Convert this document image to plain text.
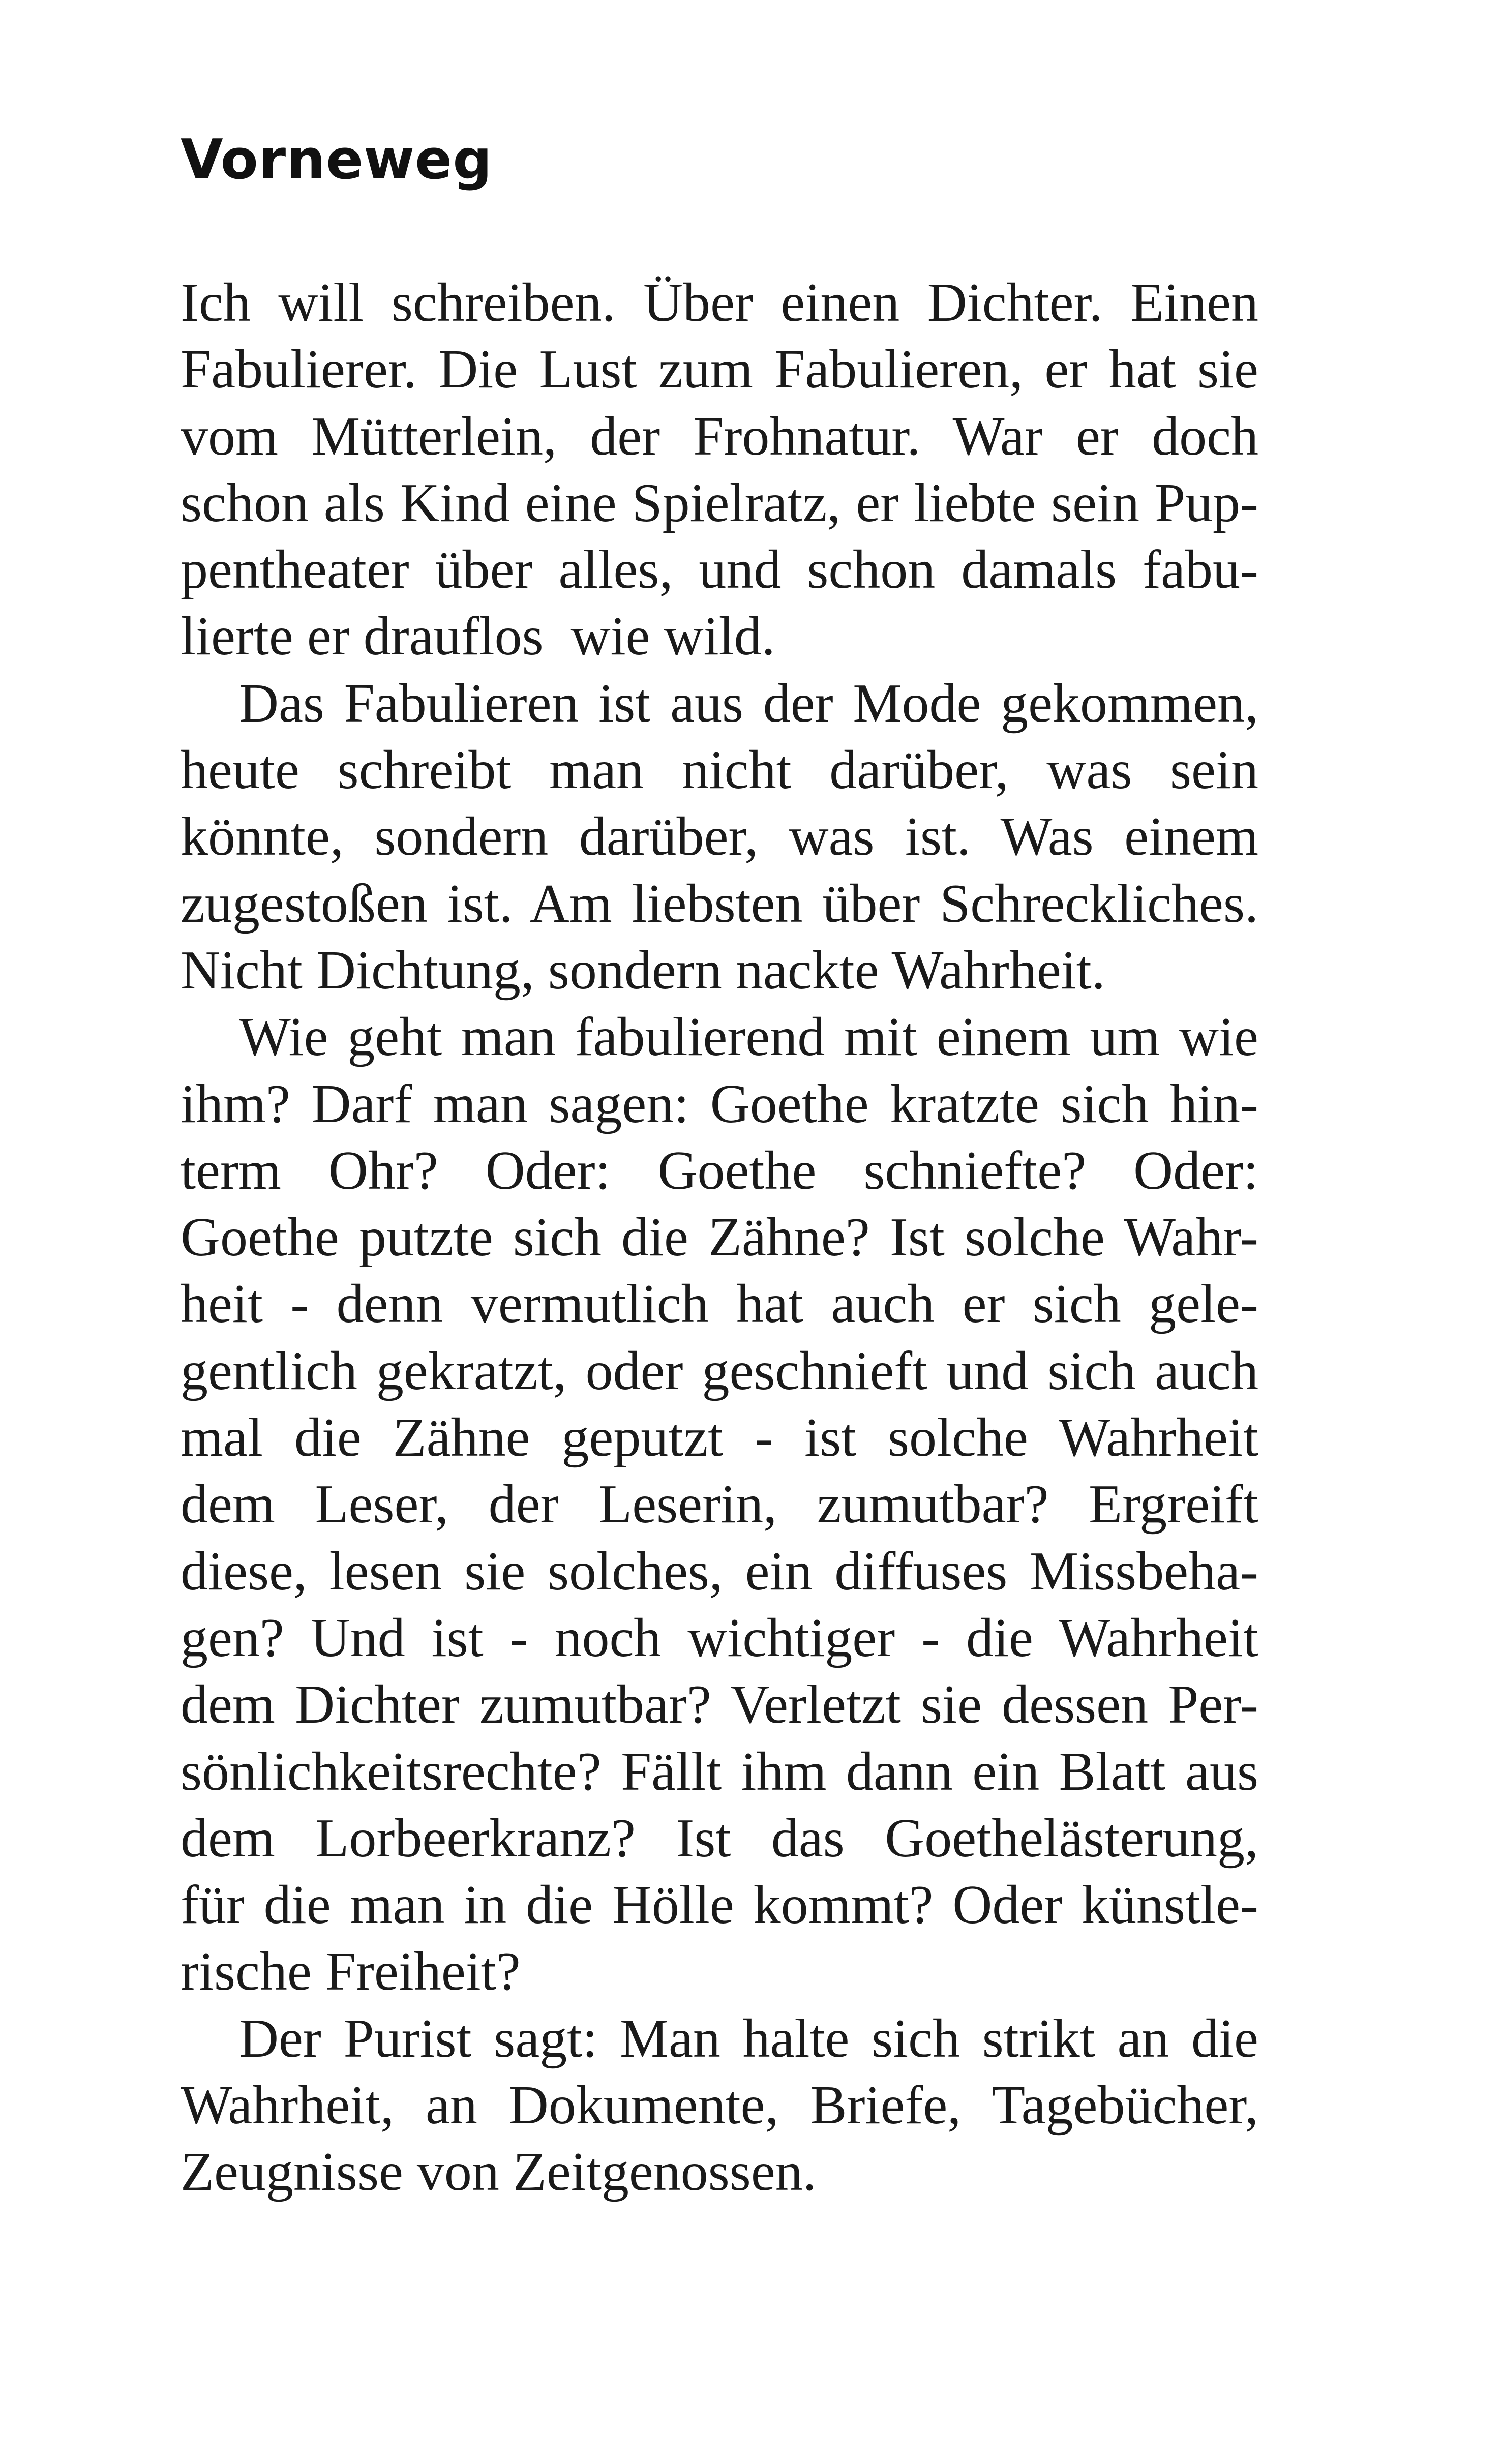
Vorneweg
Ich will schreiben. Über einen Dichter. Einen
Fabulierer. Die Lust zum Fabulieren, er hat sie
vom Mütterlein, der Frohnatur. War er doch
schon als Kind eine Spielratz, er liebte sein Pup-
pentheater über alles, und schon damals fabu-
lierte er drauflos  wie wild.
Das Fabulieren ist aus der Mode gekommen,
heute schreibt man nicht darüber, was sein
könnte, sondern darüber, was ist. Was einem
zugestoßen ist. Am liebsten über Schreckliches.
Nicht Dichtung, sondern nackte Wahrheit.
Wie geht man fabulierend mit einem um wie
ihm? Darf man sagen: Goethe kratzte sich hin-
term Ohr? Oder: Goethe schniefte? Oder:
Goethe putzte sich die Zähne? Ist solche Wahr-
heit - denn vermutlich hat auch er sich gele-
gentlich gekratzt, oder geschnieft und sich auch
mal die Zähne geputzt - ist solche Wahrheit
dem Leser, der Leserin, zumutbar? Ergreift
diese, lesen sie solches, ein diffuses Missbeha-
gen? Und ist - noch wichtiger - die Wahrheit
dem Dichter zumutbar? Verletzt sie dessen Per-
sönlichkeitsrechte? Fällt ihm dann ein Blatt aus
dem Lorbeerkranz? Ist das Goethelästerung,
für die man in die Hölle kommt? Oder künstle-
rische Freiheit?
Der Purist sagt: Man halte sich strikt an die
Wahrheit, an Dokumente, Briefe, Tagebücher,
Zeugnisse von Zeitgenossen.
